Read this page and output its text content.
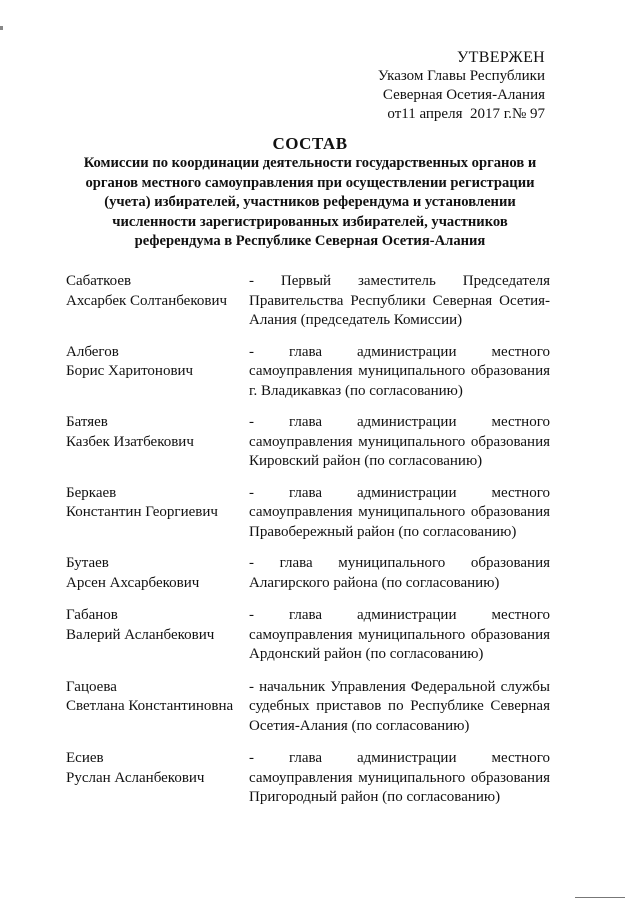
УТВЕРЖЕН
Указом Главы Республики
Северная Осетия-Алания
от11 апреля  2017 г.№ 97
СОСТАВ
Комиссии по координации деятельности государственных органов и
органов местного самоуправления при осуществлении регистрации
(учета) избирателей, участников референдума и установлении
численности зарегистрированных избирателей, участников
референдума в Республике Северная Осетия-Алания
Сабаткоев
Ахсарбек Солтанбекович
- Первый заместитель Председателя Правительства Республики Северная Осетия-Алания (председатель Комиссии)
Албегов
Борис Харитонович
- глава администрации местного самоуправления муниципального образования г. Владикавказ (по согласованию)
Батяев
Казбек Изатбекович
- глава администрации местного самоуправления муниципального образования Кировский район (по согласованию)
Беркаев
Константин Георгиевич
- глава администрации местного самоуправления муниципального образования Правобережный район (по согласованию)
Бутаев
Арсен Ахсарбекович
- глава муниципального образования Алагирского района (по согласованию)
Габанов
Валерий Асланбекович
- глава администрации местного самоуправления муниципального образования Ардонский район (по согласованию)
Гацоева
Светлана Константиновна
- начальник Управления Федеральной службы судебных приставов по Республике Северная Осетия-Алания (по согласованию)
Есиев
Руслан Асланбекович
- глава администрации местного самоуправления муниципального образования Пригородный район (по согласованию)
